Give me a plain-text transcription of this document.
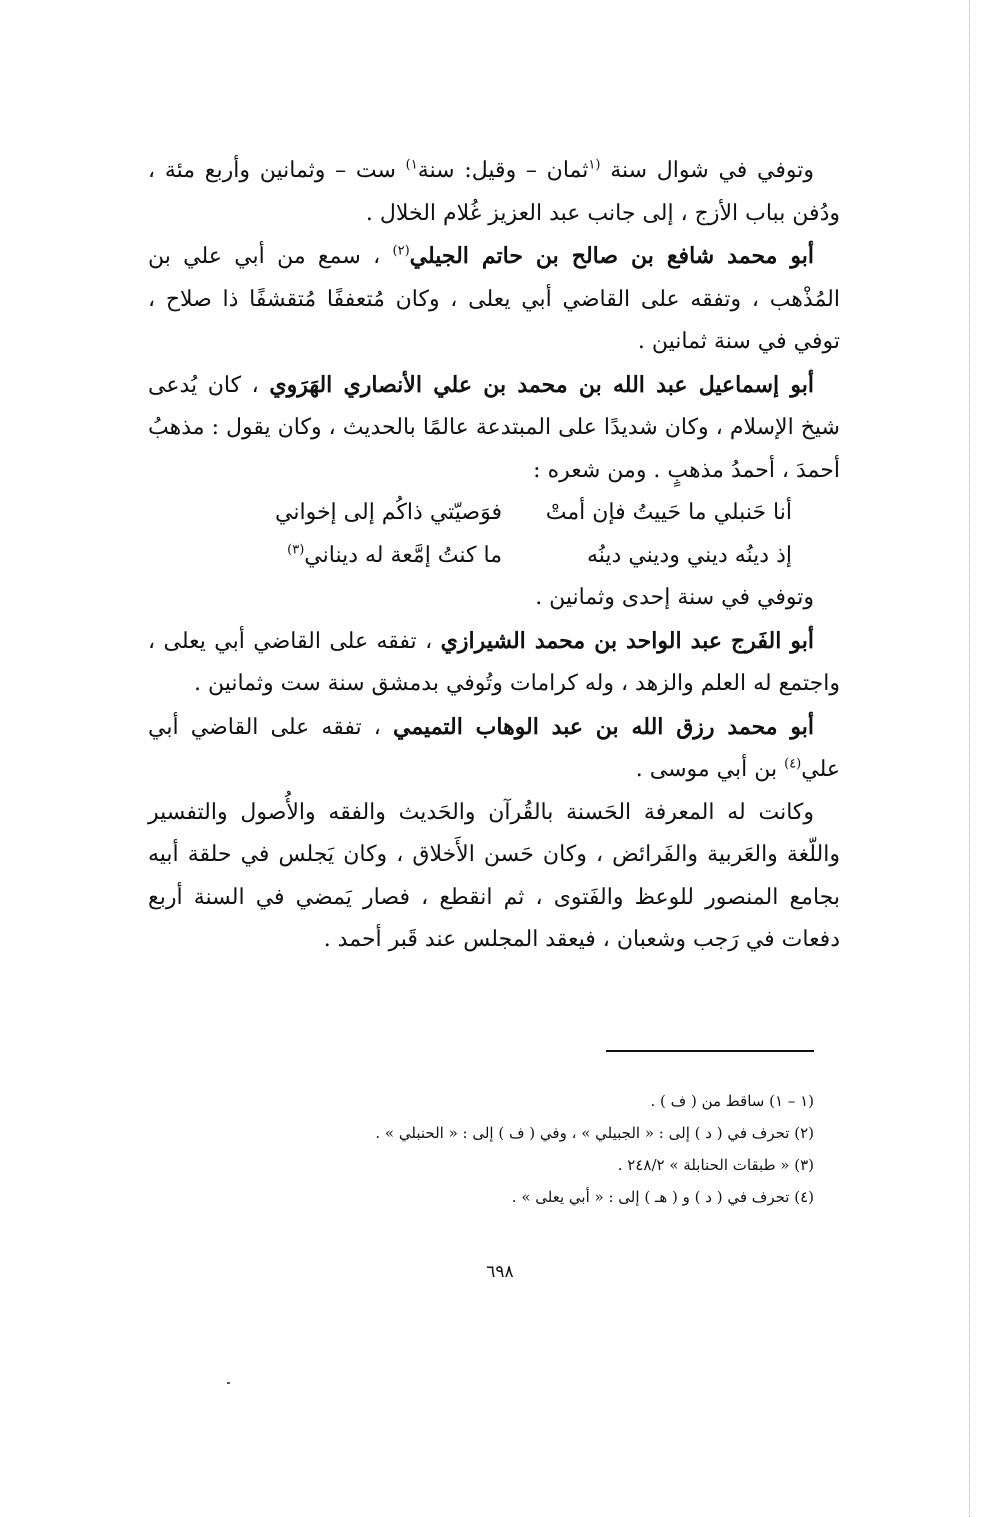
وتوفي في شوال سنة $^{(١}$ثمان – وقيل: سنة$^{١)}$ ست – وثمانين وأربع مئة ، ودُفن بباب الأزج ، إلى جانب عبد العزيز غُلام الخلال .

أبو محمد شافع بن صالح بن حاتم الجيلي$^{(٢)}$ ، سمع من أبي علي بن المُذْهب ، وتفقه على القاضي أبي يعلى ، وكان مُتعففًا مُتقشفًا ذا صلاح ، توفي في سنة ثمانين .

أبو إسماعيل عبد الله بن محمد بن علي الأنصاري الهَرَوي ، كان يُدعى شيخ الإسلام ، وكان شديدًا على المبتدعة عالمًا بالحديث ، وكان يقول : مذهبُ أحمدَ ، أحمدُ مذهبٍ . ومن شعره :

أنا حَنبلي ما حَييتُ فإن أمتْ
فوَصيّتي ذاكُم إلى إخواني
إذ دينُه ديني وديني دينُه
ما كنتُ إمَّعة له ديناني$^{(٣)}$

وتوفي في سنة إحدى وثمانين .

أبو الفَرج عبد الواحد بن محمد الشيرازي ، تفقه على القاضي أبي يعلى ، واجتمع له العلم والزهد ، وله كرامات وتُوفي بدمشق سنة ست وثمانين .

أبو محمد رزق الله بن عبد الوهاب التميمي ، تفقه على القاضي أبي علي$^{(٤)}$ بن أبي موسى .

وكانت له المعرفة الحَسنة بالقُرآن والحَديث والفقه والأُصول والتفسير واللّغة والعَربية والفَرائض ، وكان حَسن الأَخلاق ، وكان يَجلس في حلقة أبيه بجامع المنصور للوعظ والفَتوى ، ثم انقطع ، فصار يَمضي في السنة أربع دفعات في رَجب وشعبان ، فيعقد المجلس عند قَبر أحمد .

(١ – ١) ساقط من ( ف ) .
(٢) تحرف في ( د ) إلى : « الجبيلي » ، وفي ( ف ) إلى : « الحنبلي » .
(٣) « طبقات الحنابلة » ٢٤٨/٢ .
(٤) تحرف في ( د ) و ( هـ ) إلى : « أبي يعلى » .
٦٩٨
